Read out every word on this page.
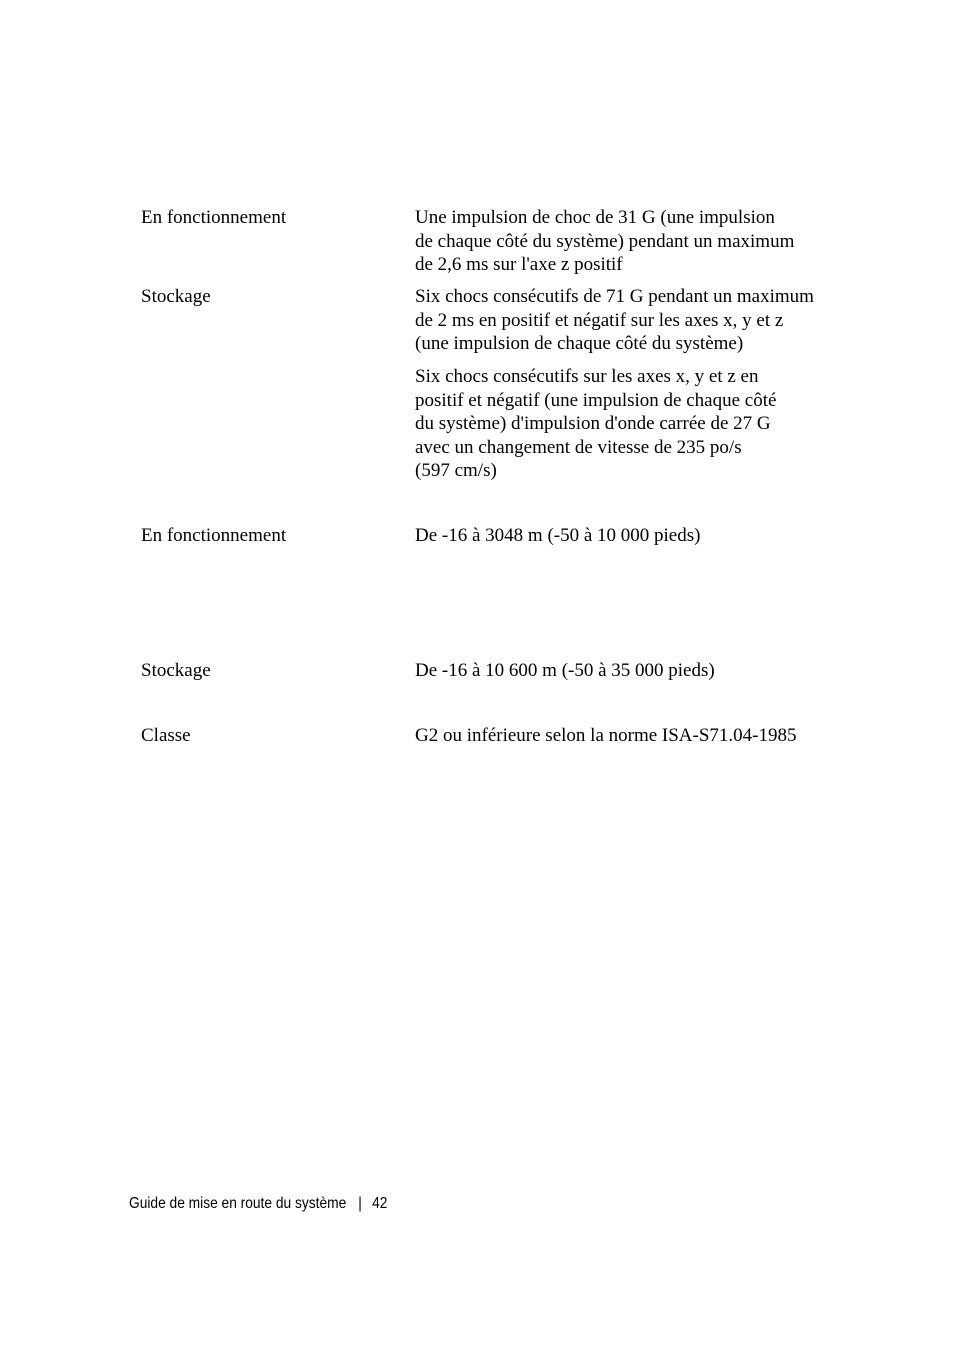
En fonctionnement	Une impulsion de choc de 31 G (une impulsion
de chaque côté du système) pendant un maximum
de 2,6 ms sur l'axe z positif
Stockage	Six chocs consécutifs de 71 G pendant un maximum
de 2 ms en positif et négatif sur les axes x, y et z
(une impulsion de chaque côté du système)
Six chocs consécutifs sur les axes x, y et z en
positif et négatif (une impulsion de chaque côté
du système) d'impulsion d'onde carrée de 27 G
avec un changement de vitesse de 235 po/s
(597 cm/s)
En fonctionnement	De -16 à 3048 m (-50 à 10 000 pieds)
Stockage	De -16 à 10 600 m (-50 à 35 000 pieds)
Classe	G2 ou inférieure selon la norme ISA-S71.04-1985
Guide de mise en route du système | 42
